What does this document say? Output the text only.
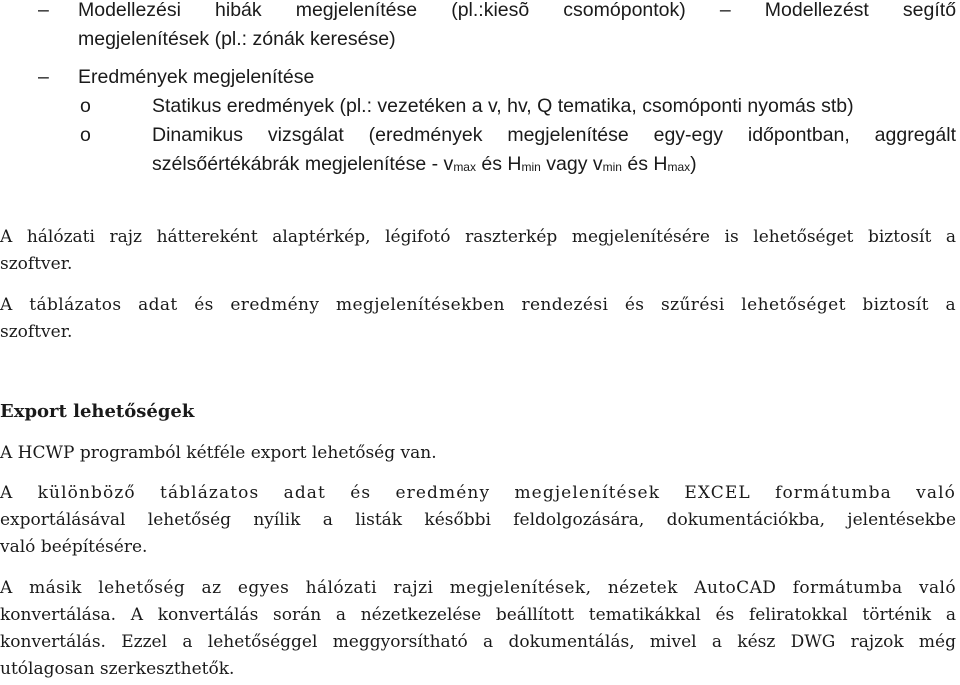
– Modellezési hibák megjelenítése (pl.:kiesõ csomópontok) – Modellezést segítő
megjelenítések (pl.: zónák keresése)
– Eredmények megjelenítése
o	Statikus eredmények (pl.: vezetéken a v, hv, Q tematika, csomóponti nyomás stb)
o	Dinamikus vizsgálat (eredmények megjelenítése egy-egy időpontban, aggregált
szélsőértékábrák megjelenítése - vmax és Hmin vagy vmin és Hmax)
A hálózati rajz háttereként alaptérkép, légifotó raszterkép megjelenítésére is lehetőséget biztosít a
szoftver.
A táblázatos adat és eredmény megjelenítésekben rendezési és szűrési lehetőséget biztosít a
szoftver.
Export lehetőségek
A HCWP programból kétféle export lehetőség van.
A különböző táblázatos adat és eredmény megjelenítések EXCEL formátumba való
exportálásával lehetőség nyílik a listák későbbi feldolgozására, dokumentációkba, jelentésekbe
való beépítésére.
A másik lehetőség az egyes hálózati rajzi megjelenítések, nézetek AutoCAD formátumba való
konvertálása. A konvertálás során a nézetkezelése beállított tematikákkal és feliratokkal történik a
konvertálás. Ezzel a lehetőséggel meggyorsítható a dokumentálás, mivel a kész DWG rajzok még
utólagosan szerkeszthetők.
